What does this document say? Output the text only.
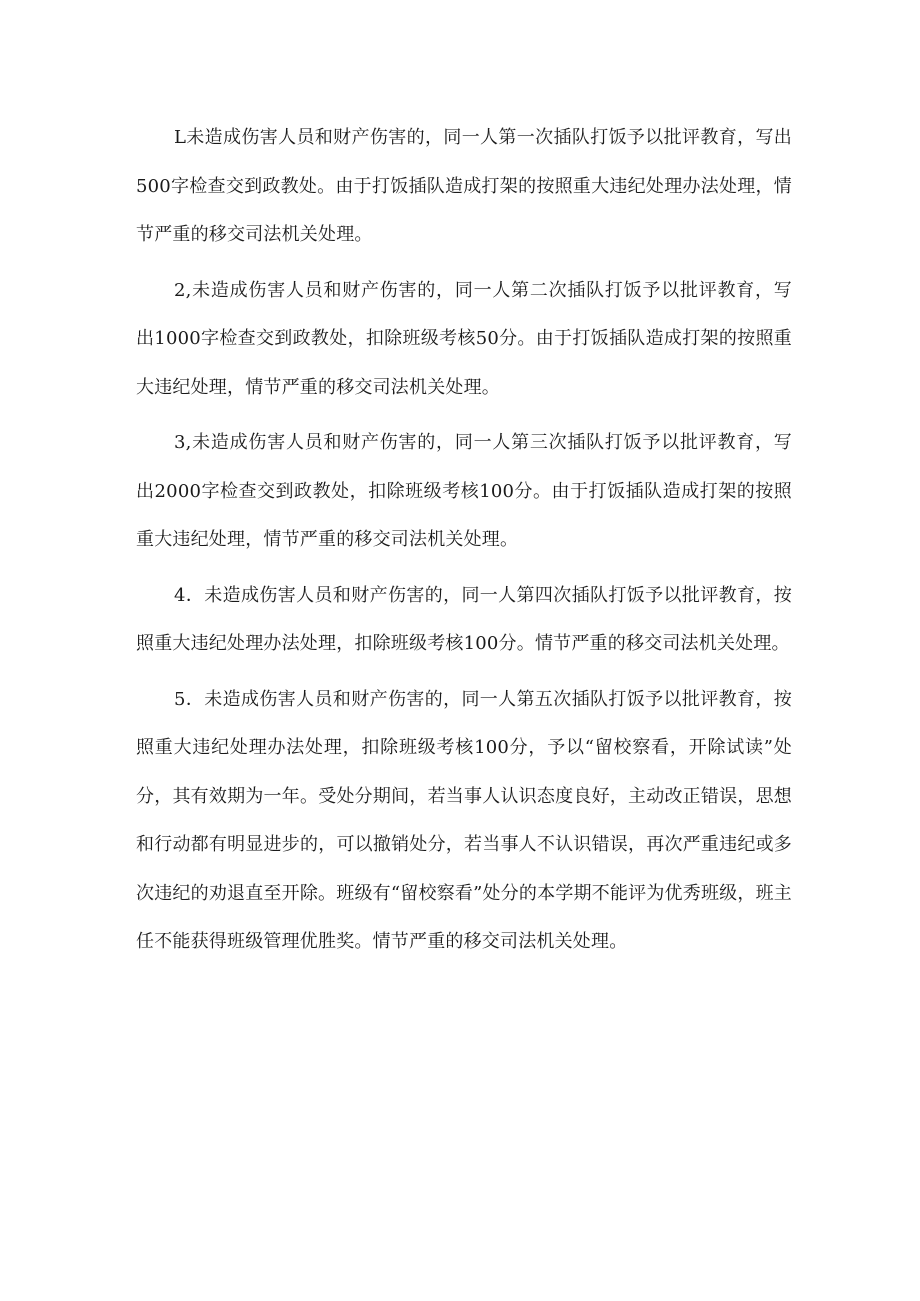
L未造成伤害人员和财产伤害的，同一人第一次插队打饭予以批评教育，写出500字检查交到政教处。由于打饭插队造成打架的按照重大违纪处理办法处理，情节严重的移交司法机关处理。

2,未造成伤害人员和财产伤害的，同一人第二次插队打饭予以批评教育，写出1000字检查交到政教处，扣除班级考核50分。由于打饭插队造成打架的按照重大违纪处理，情节严重的移交司法机关处理。

3,未造成伤害人员和财产伤害的，同一人第三次插队打饭予以批评教育，写出2000字检查交到政教处，扣除班级考核100分。由于打饭插队造成打架的按照重大违纪处理，情节严重的移交司法机关处理。

4．未造成伤害人员和财产伤害的，同一人第四次插队打饭予以批评教育，按照重大违纪处理办法处理，扣除班级考核100分。情节严重的移交司法机关处理。

5．未造成伤害人员和财产伤害的，同一人第五次插队打饭予以批评教育，按照重大违纪处理办法处理，扣除班级考核100分，予以“留校察看，开除试读”处分，其有效期为一年。受处分期间，若当事人认识态度良好，主动改正错误，思想和行动都有明显进步的，可以撤销处分，若当事人不认识错误，再次严重违纪或多次违纪的劝退直至开除。班级有“留校察看”处分的本学期不能评为优秀班级，班主任不能获得班级管理优胜奖。情节严重的移交司法机关处理。
